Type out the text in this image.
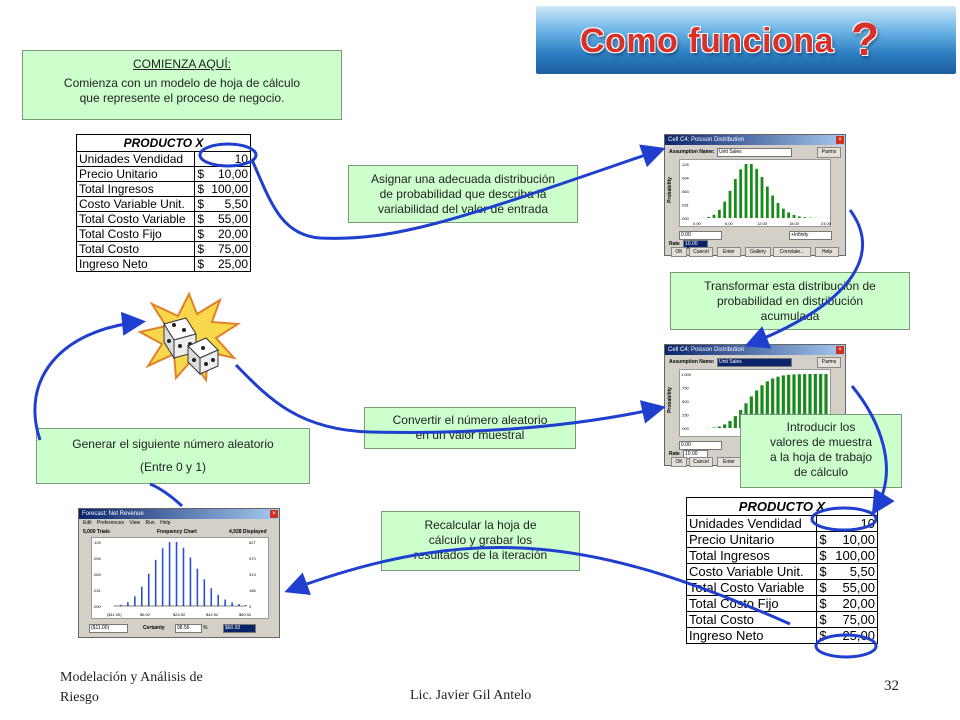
Como funciona ?
COMIENZA AQUÍ:
Comienza con un modelo de hoja de cálculo
que represente el proceso de negocio.
PRODUCTO X		
Unidades Vendidad		10
Precio Unitario	$	10,00
Total Ingresos	$	100,00
Costo Variable Unit.	$	5,50
Total Costo Variable	$	55,00
Total Costo Fijo	$	20,00
Total Costo	$	75,00
Ingreso Neto	$	25,00
Asignar una adecuada distribución
de probabilidad que describa la
variabilidad del valor de entrada
Cell C4: Poisson Distribution	×
Assumption Name: Unit Sales	Parms
.125
.094
.063
.031
.000
0.00	6.00	12.00	18.00	24.00
Probability
0.00	+Infinity
Rate	10.00
OK	Cancel	Enter	Gallery	Correlate...	Help
Transformar esta distribución de
probabilidad en distribución
acumulada
Cell C4: Poisson Distribution	×
Assumption Name: Unit Sales	Parms
1.000
.750
.500
.250
.000
Probability
0.00
Rate	10.00
OK	Cancel	Enter
Convertir el número aleatorio
en un valor muestral
Introducir los
valores de muestra
a la hoja de trabajo
de cálculo
Generar el siguiente número aleatorio
(Entre 0 y 1)
Forecast: Net Revenue	×
Edit Preferences View Run Help
5,000 Trials	Frequency Chart	4,928 Displayed
.125
.094
.063
.031
.000
627
470
313
156
0
($11.00)	$6.92	$24.92	$42.92	$60.92
($11.00)	Certainty	98.56	%	$60.92
Recalcular la hoja de
cálculo y grabar los
resultados de la iteración
PRODUCTO X		
Unidades Vendidad		10
Precio Unitario	$	10,00
Total Ingresos	$	100,00
Costo Variable Unit.	$	5,50
Total Costo Variable	$	55,00
Total Costo Fijo	$	20,00
Total Costo	$	75,00
Ingreso Neto	$	25,00
Modelación y Análisis de
Riesgo	Lic. Javier Gil Antelo
32
